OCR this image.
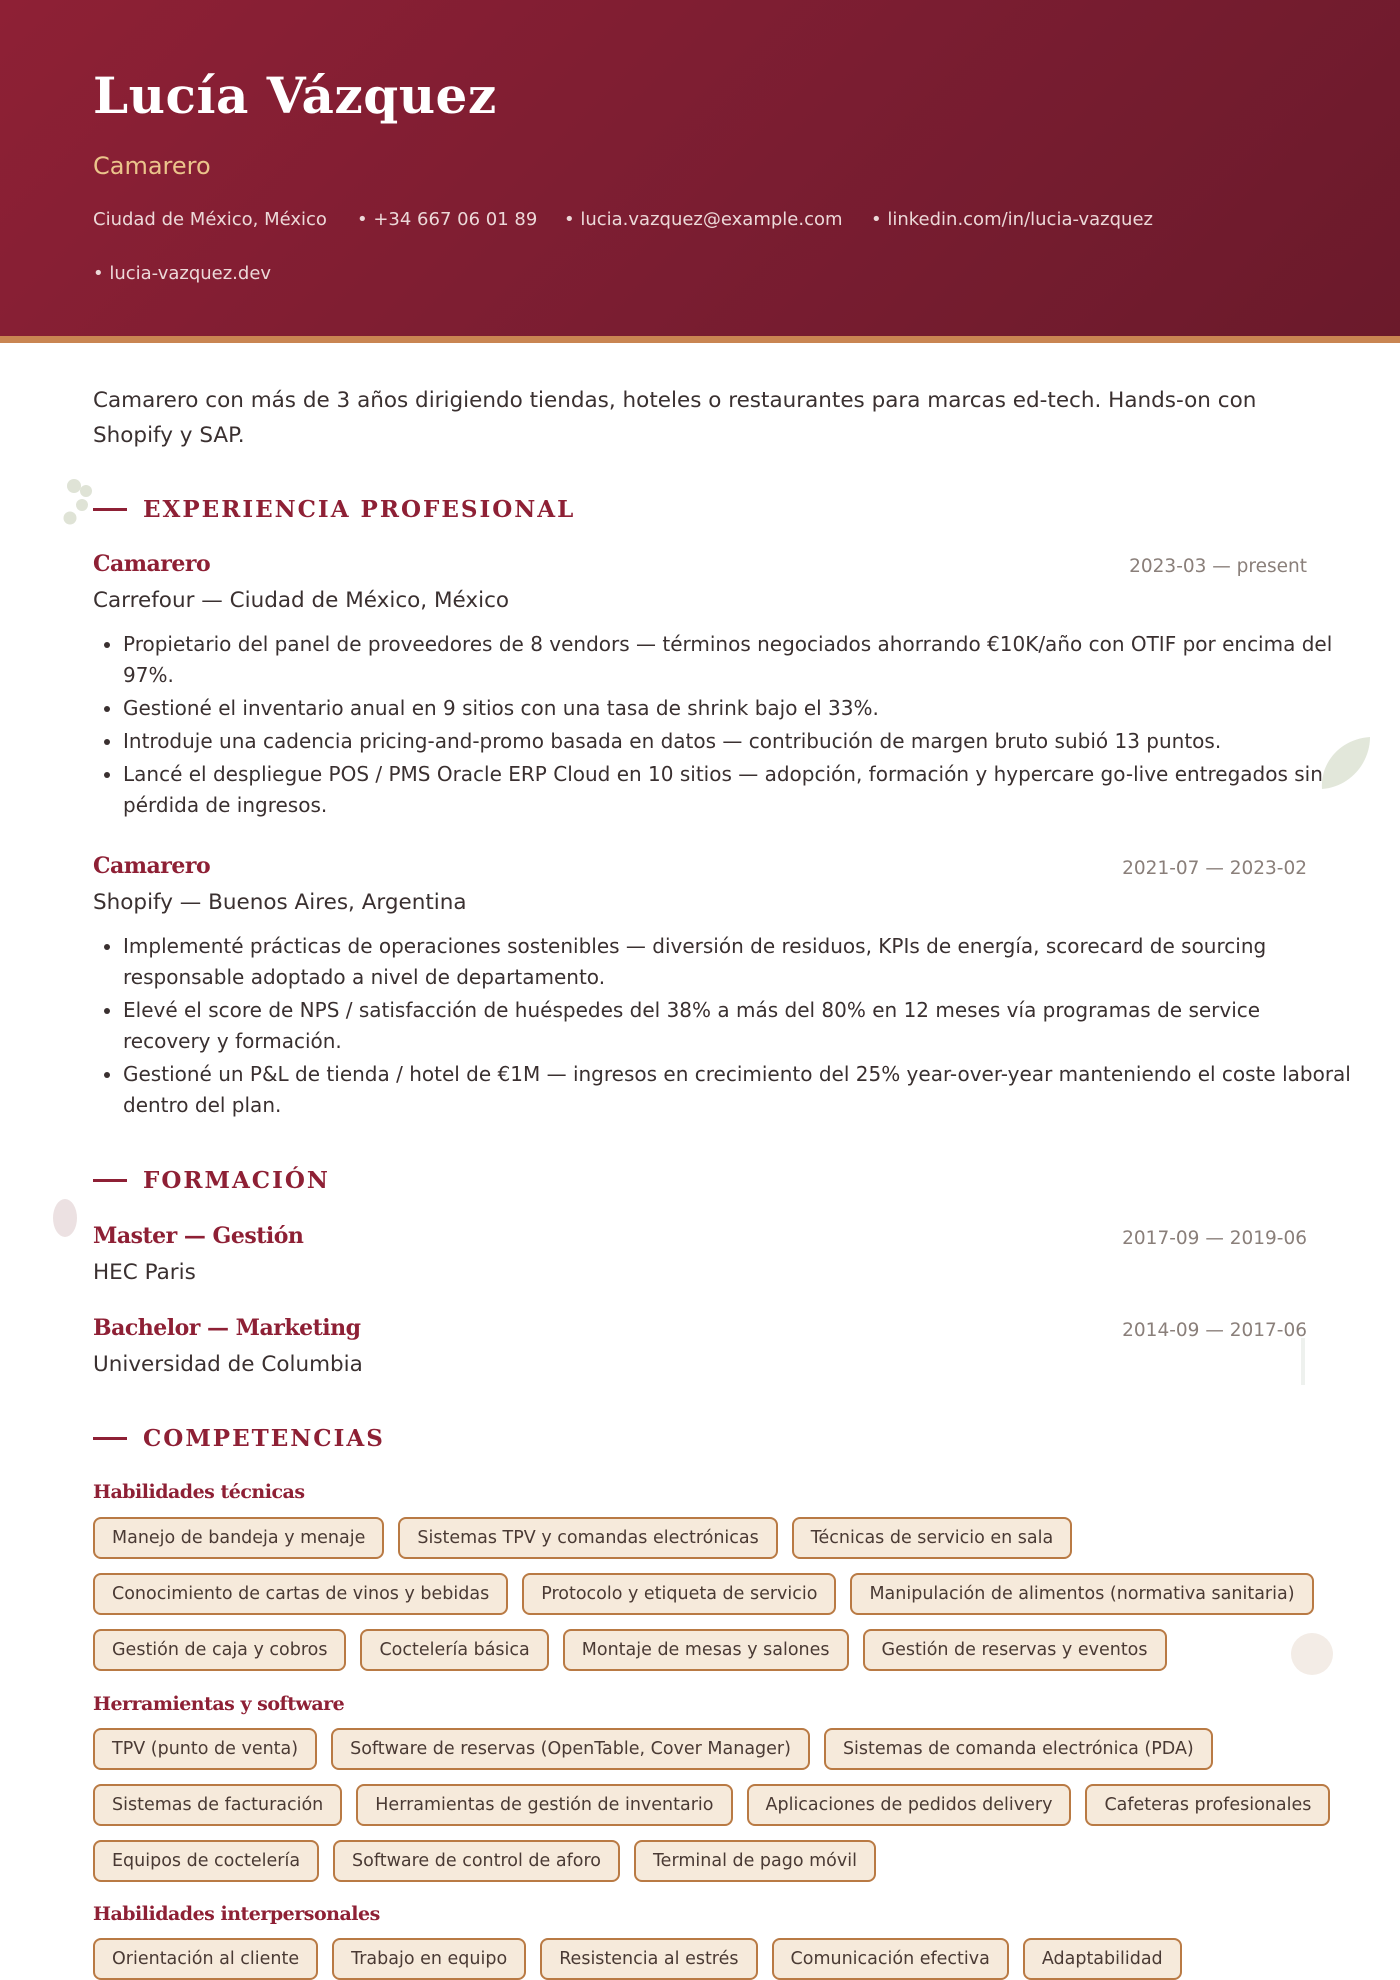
Lucía Vázquez
Camarero
Ciudad de México, México • +34 667 06 01 89 • lucia.vazquez@example.com • linkedin.com/in/lucia-vazquez
• lucia-vazquez.dev
Camarero con más de 3 años dirigiendo tiendas, hoteles o restaurantes para marcas ed-tech. Hands-on con Shopify y SAP.
EXPERIENCIA PROFESIONAL
Camarero	2023-03 — present
Carrefour — Ciudad de México, México
• Propietario del panel de proveedores de 8 vendors — términos negociados ahorrando €10K/año con OTIF por encima del 97%.
• Gestioné el inventario anual en 9 sitios con una tasa de shrink bajo el 33%.
• Introduje una cadencia pricing-and-promo basada en datos — contribución de margen bruto subió 13 puntos.
• Lancé el despliegue POS / PMS Oracle ERP Cloud en 10 sitios — adopción, formación y hypercare go-live entregados sin pérdida de ingresos.
Camarero	2021-07 — 2023-02
Shopify — Buenos Aires, Argentina
• Implementé prácticas de operaciones sostenibles — diversión de residuos, KPIs de energía, scorecard de sourcing responsable adoptado a nivel de departamento.
• Elevé el score de NPS / satisfacción de huéspedes del 38% a más del 80% en 12 meses vía programas de service recovery y formación.
• Gestioné un P&L de tienda / hotel de €1M — ingresos en crecimiento del 25% year-over-year manteniendo el coste laboral dentro del plan.
FORMACIÓN
Master — Gestión	2017-09 — 2019-06
HEC Paris
Bachelor — Marketing	2014-09 — 2017-06
Universidad de Columbia
COMPETENCIAS
Habilidades técnicas
Manejo de bandeja y menaje	Sistemas TPV y comandas electrónicas	Técnicas de servicio en sala
Conocimiento de cartas de vinos y bebidas	Protocolo y etiqueta de servicio	Manipulación de alimentos (normativa sanitaria)
Gestión de caja y cobros	Coctelería básica	Montaje de mesas y salones	Gestión de reservas y eventos
Herramientas y software
TPV (punto de venta)	Software de reservas (OpenTable, Cover Manager)	Sistemas de comanda electrónica (PDA)
Sistemas de facturación	Herramientas de gestión de inventario	Aplicaciones de pedidos delivery	Cafeteras profesionales
Equipos de coctelería	Software de control de aforo	Terminal de pago móvil
Habilidades interpersonales
Orientación al cliente	Trabajo en equipo	Resistencia al estrés	Comunicación efectiva	Adaptabilidad
